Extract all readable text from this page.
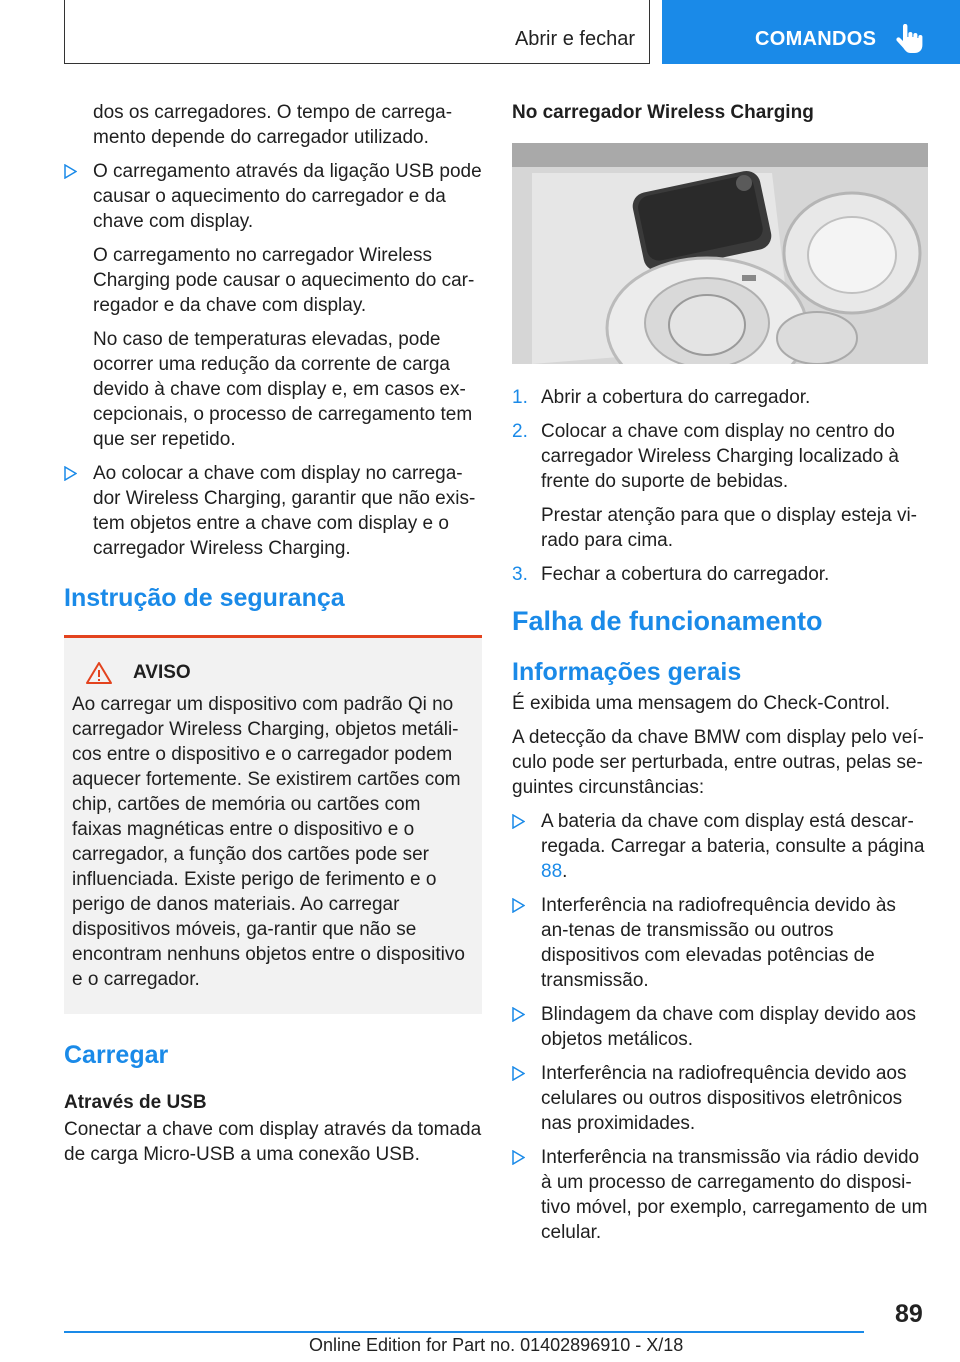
Abrir e fechar	COMANDOS

dos os carregadores. O tempo de carrega-mento depende do carregador utilizado.

O carregamento através da ligação USB pode causar o aquecimento do carregador e da chave com display.

O carregamento no carregador Wireless Charging pode causar o aquecimento do car-regador e da chave com display.

No caso de temperaturas elevadas, pode ocorrer uma redução da corrente de carga devido à chave com display e, em casos ex-cepcionais, o processo de carregamento tem que ser repetido.

Ao colocar a chave com display no carrega-dor Wireless Charging, garantir que não exis-tem objetos entre a chave com display e o carregador Wireless Charging.
Instrução de segurança
AVISO

Ao carregar um dispositivo com padrão Qi no carregador Wireless Charging, objetos metáli-cos entre o dispositivo e o carregador podem aquecer fortemente. Se existirem cartões com chip, cartões de memória ou cartões com faixas magnéticas entre o dispositivo e o carregador, a função dos cartões pode ser influenciada. Existe perigo de ferimento e o perigo de danos materiais. Ao carregar dispositivos móveis, ga-rantir que não se encontram nenhuns objetos entre o dispositivo e o carregador.

Carregar
Através de USB

Conectar a chave com display através da tomada de carga Micro-USB a uma conexão USB.

No carregador Wireless Charging
1. Abrir a cobertura do carregador.
2. Colocar a chave com display no centro do carregador Wireless Charging localizado à frente do suporte de bebidas.

Prestar atenção para que o display esteja vi-rado para cima.

3. Fechar a cobertura do carregador.
Falha de funcionamento
Informações gerais

É exibida uma mensagem do Check-Control.

A detecção da chave BMW com display pelo veí-culo pode ser perturbada, entre outras, pelas se-guintes circunstâncias:

A bateria da chave com display está descar-regada. Carregar a bateria, consulte a página 88.
Interferência na radiofrequência devido às an-tenas de transmissão ou outros dispositivos com elevadas potências de transmissão.
Blindagem da chave com display devido aos objetos metálicos.
Interferência na radiofrequência devido aos celulares ou outros dispositivos eletrônicos nas proximidades.
Interferência na transmissão via rádio devido à um processo de carregamento do disposi-tivo móvel, por exemplo, carregamento de um celular.
89
Online Edition for Part no. 01402896910 - X/18
